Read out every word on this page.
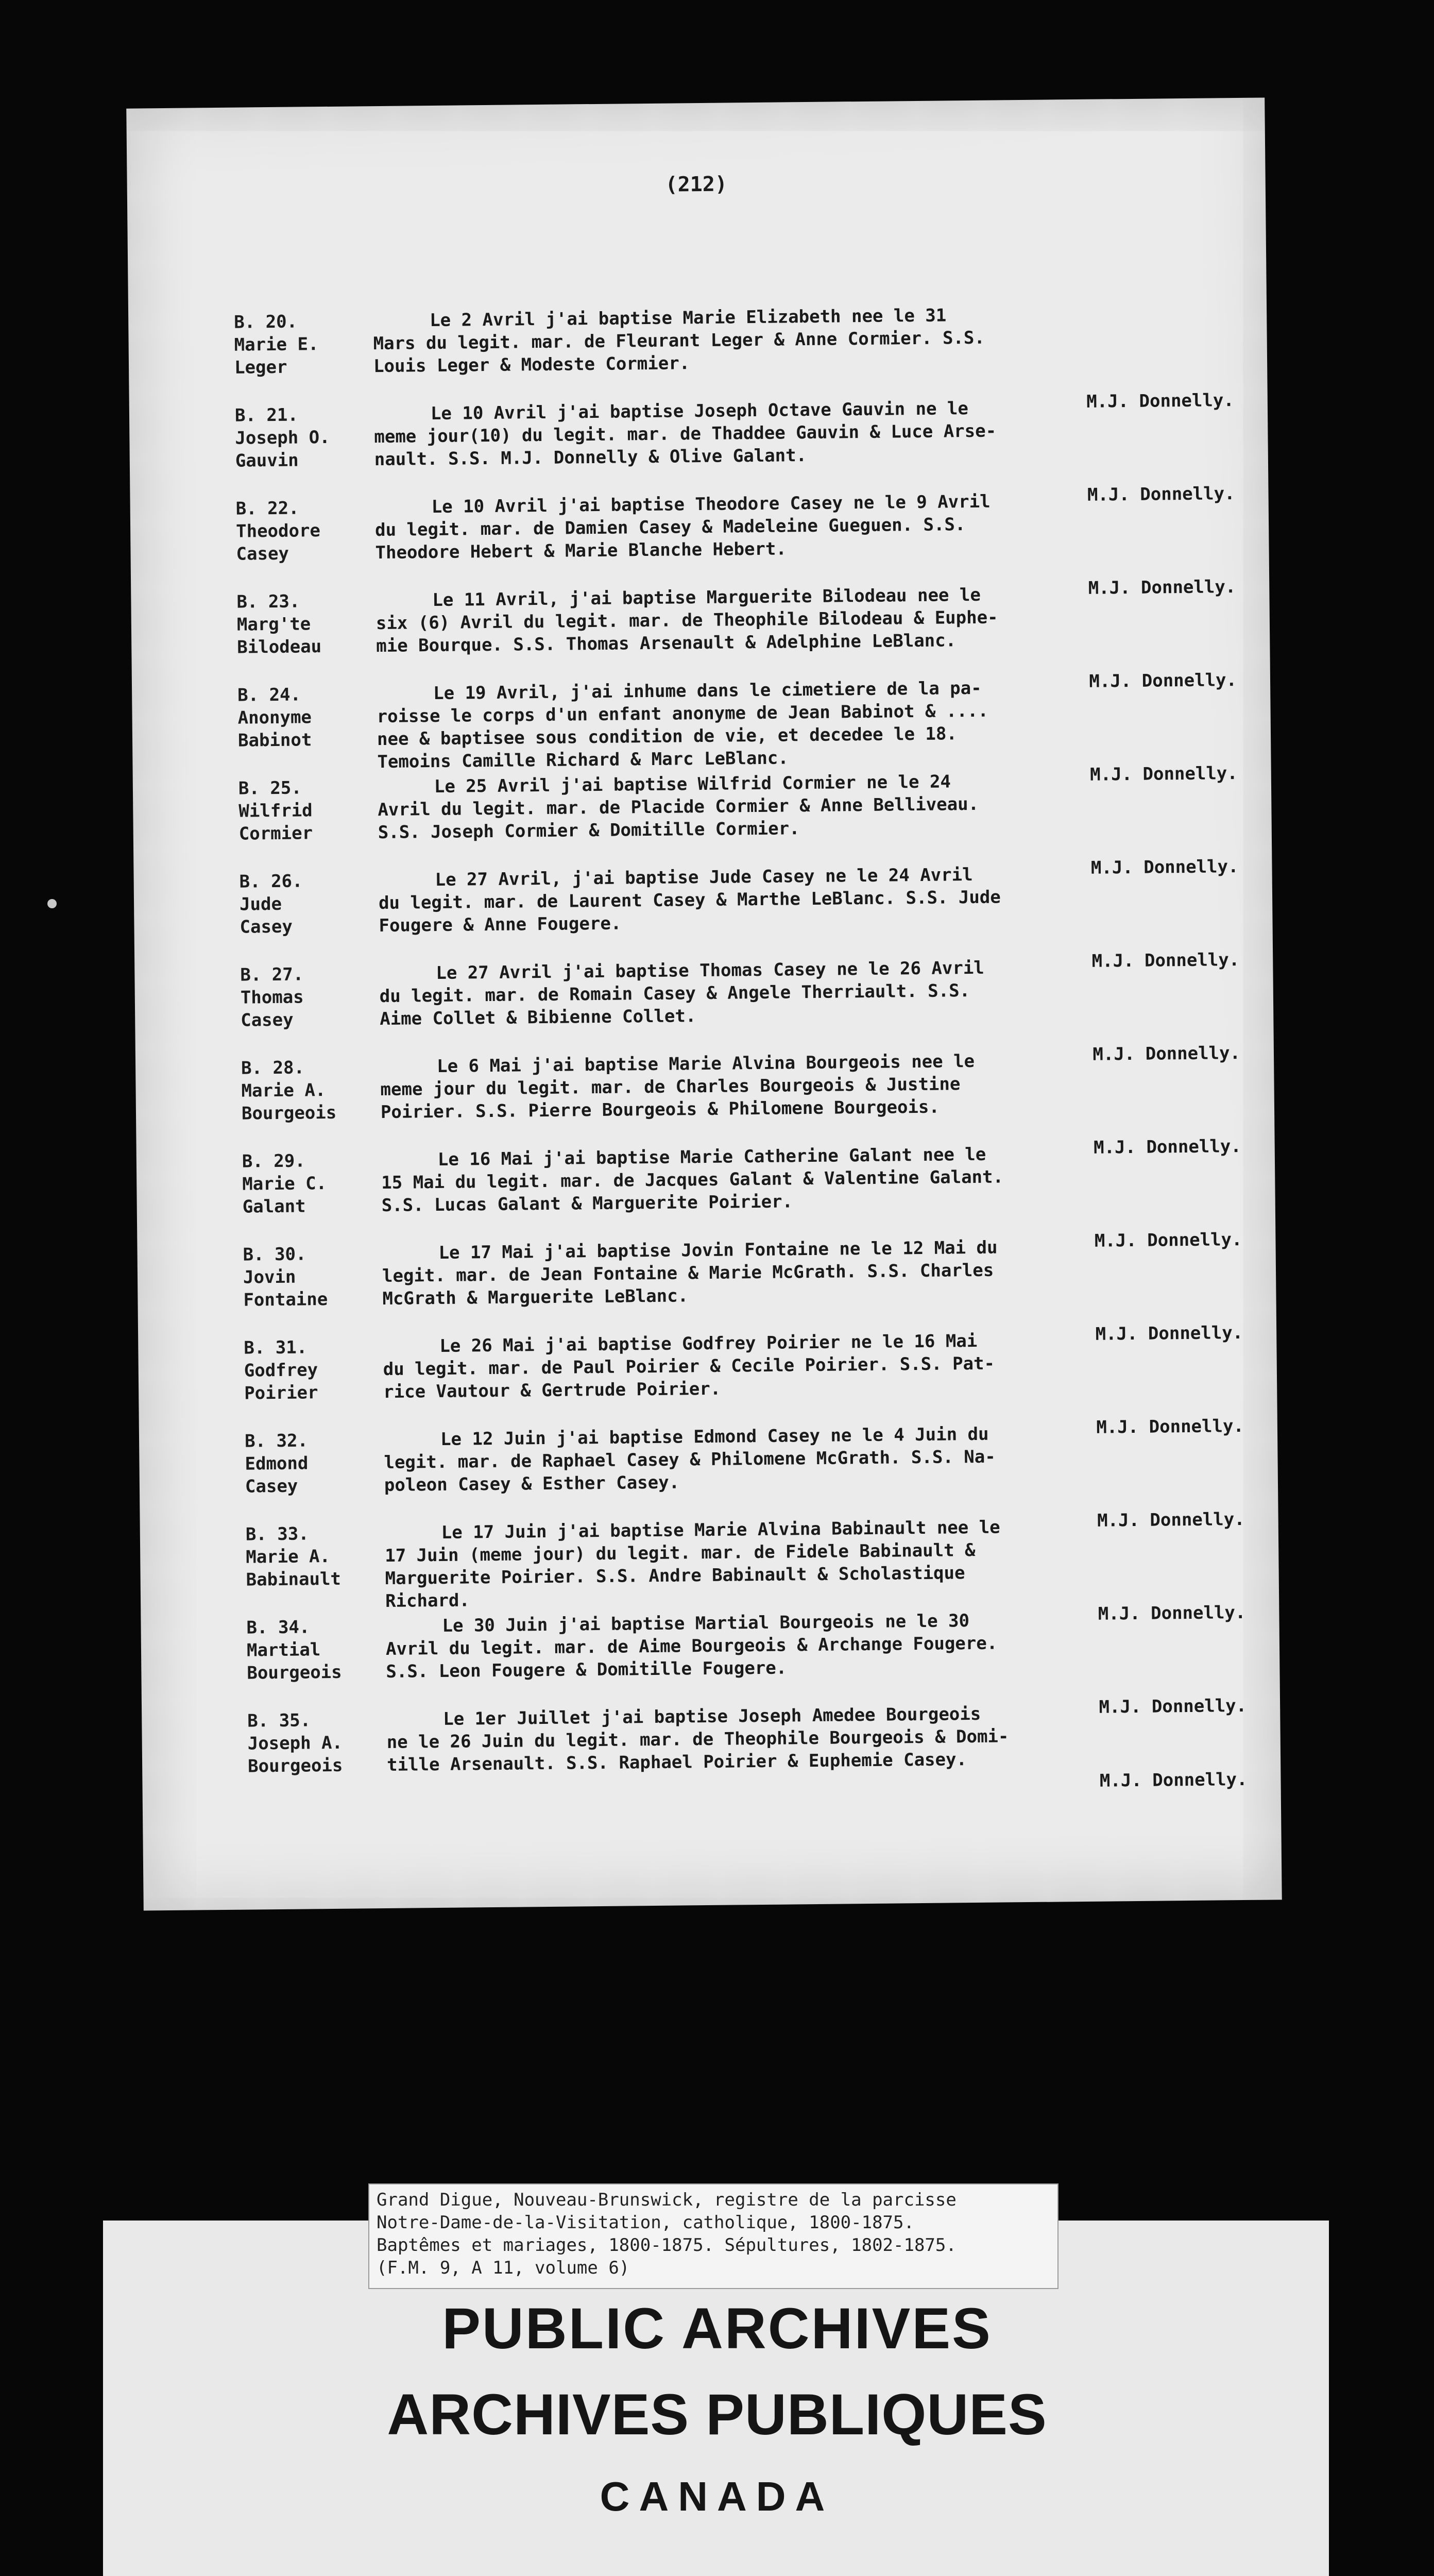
(212)
B. 20.
Marie E.
Leger
Le 2 Avril j'ai baptise Marie Elizabeth nee le 31
Mars du legit. mar. de Fleurant Leger & Anne Cormier. S.S.
Louis Leger & Modeste Cormier.
M.J. Donnelly.
B. 21.
Joseph O.
Gauvin
Le 10 Avril j'ai baptise Joseph Octave Gauvin ne le
meme jour(10) du legit. mar. de Thaddee Gauvin & Luce Arse-
nault. S.S. M.J. Donnelly & Olive Galant.
M.J. Donnelly.
B. 22.
Theodore
Casey
Le 10 Avril j'ai baptise Theodore Casey ne le 9 Avril
du legit. mar. de Damien Casey & Madeleine Gueguen. S.S.
Theodore Hebert & Marie Blanche Hebert.
M.J. Donnelly.
B. 23.
Marg'te
Bilodeau
Le 11 Avril, j'ai baptise Marguerite Bilodeau nee le
six (6) Avril du legit. mar. de Theophile Bilodeau & Euphe-
mie Bourque. S.S. Thomas Arsenault & Adelphine LeBlanc.
M.J. Donnelly.
B. 24.
Anonyme
Babinot
Le 19 Avril, j'ai inhume dans le cimetiere de la pa-
roisse le corps d'un enfant anonyme de Jean Babinot & ....
nee & baptisee sous condition de vie, et decedee le 18.
Temoins Camille Richard & Marc LeBlanc.
M.J. Donnelly.
B. 25.
Wilfrid
Cormier
Le 25 Avril j'ai baptise Wilfrid Cormier ne le 24
Avril du legit. mar. de Placide Cormier & Anne Belliveau.
S.S. Joseph Cormier & Domitille Cormier.
M.J. Donnelly.
B. 26.
Jude
Casey
Le 27 Avril, j'ai baptise Jude Casey ne le 24 Avril
du legit. mar. de Laurent Casey & Marthe LeBlanc. S.S. Jude
Fougere & Anne Fougere.
M.J. Donnelly.
B. 27.
Thomas
Casey
Le 27 Avril j'ai baptise Thomas Casey ne le 26 Avril
du legit. mar. de Romain Casey & Angele Therriault. S.S.
Aime Collet & Bibienne Collet.
M.J. Donnelly.
B. 28.
Marie A.
Bourgeois
Le 6 Mai j'ai baptise Marie Alvina Bourgeois nee le
meme jour du legit. mar. de Charles Bourgeois & Justine
Poirier. S.S. Pierre Bourgeois & Philomene Bourgeois.
M.J. Donnelly.
B. 29.
Marie C.
Galant
Le 16 Mai j'ai baptise Marie Catherine Galant nee le
15 Mai du legit. mar. de Jacques Galant & Valentine Galant.
S.S. Lucas Galant & Marguerite Poirier.
M.J. Donnelly.
B. 30.
Jovin
Fontaine
Le 17 Mai j'ai baptise Jovin Fontaine ne le 12 Mai du
legit. mar. de Jean Fontaine & Marie McGrath. S.S. Charles
McGrath & Marguerite LeBlanc.
M.J. Donnelly.
B. 31.
Godfrey
Poirier
Le 26 Mai j'ai baptise Godfrey Poirier ne le 16 Mai
du legit. mar. de Paul Poirier & Cecile Poirier. S.S. Pat-
rice Vautour & Gertrude Poirier.
M.J. Donnelly.
B. 32.
Edmond
Casey
Le 12 Juin j'ai baptise Edmond Casey ne le 4 Juin du
legit. mar. de Raphael Casey & Philomene McGrath. S.S. Na-
poleon Casey & Esther Casey.
M.J. Donnelly.
B. 33.
Marie A.
Babinault
Le 17 Juin j'ai baptise Marie Alvina Babinault nee le
17 Juin (meme jour) du legit. mar. de Fidele Babinault &
Marguerite Poirier. S.S. Andre Babinault & Scholastique
Richard.
M.J. Donnelly.
B. 34.
Martial
Bourgeois
Le 30 Juin j'ai baptise Martial Bourgeois ne le 30
Avril du legit. mar. de Aime Bourgeois & Archange Fougere.
S.S. Leon Fougere & Domitille Fougere.
M.J. Donnelly.
B. 35.
Joseph A.
Bourgeois
Le 1er Juillet j'ai baptise Joseph Amedee Bourgeois
ne le 26 Juin du legit. mar. de Theophile Bourgeois & Domi-
tille Arsenault. S.S. Raphael Poirier & Euphemie Casey.
M.J. Donnelly.
Grand Digue, Nouveau-Brunswick, registre de la parcisse
Notre-Dame-de-la-Visitation, catholique, 1800-1875.
Baptêmes et mariages, 1800-1875. Sépultures, 1802-1875.
(F.M. 9, A 11, volume 6)
PUBLIC ARCHIVES
ARCHIVES PUBLIQUES
CANADA
